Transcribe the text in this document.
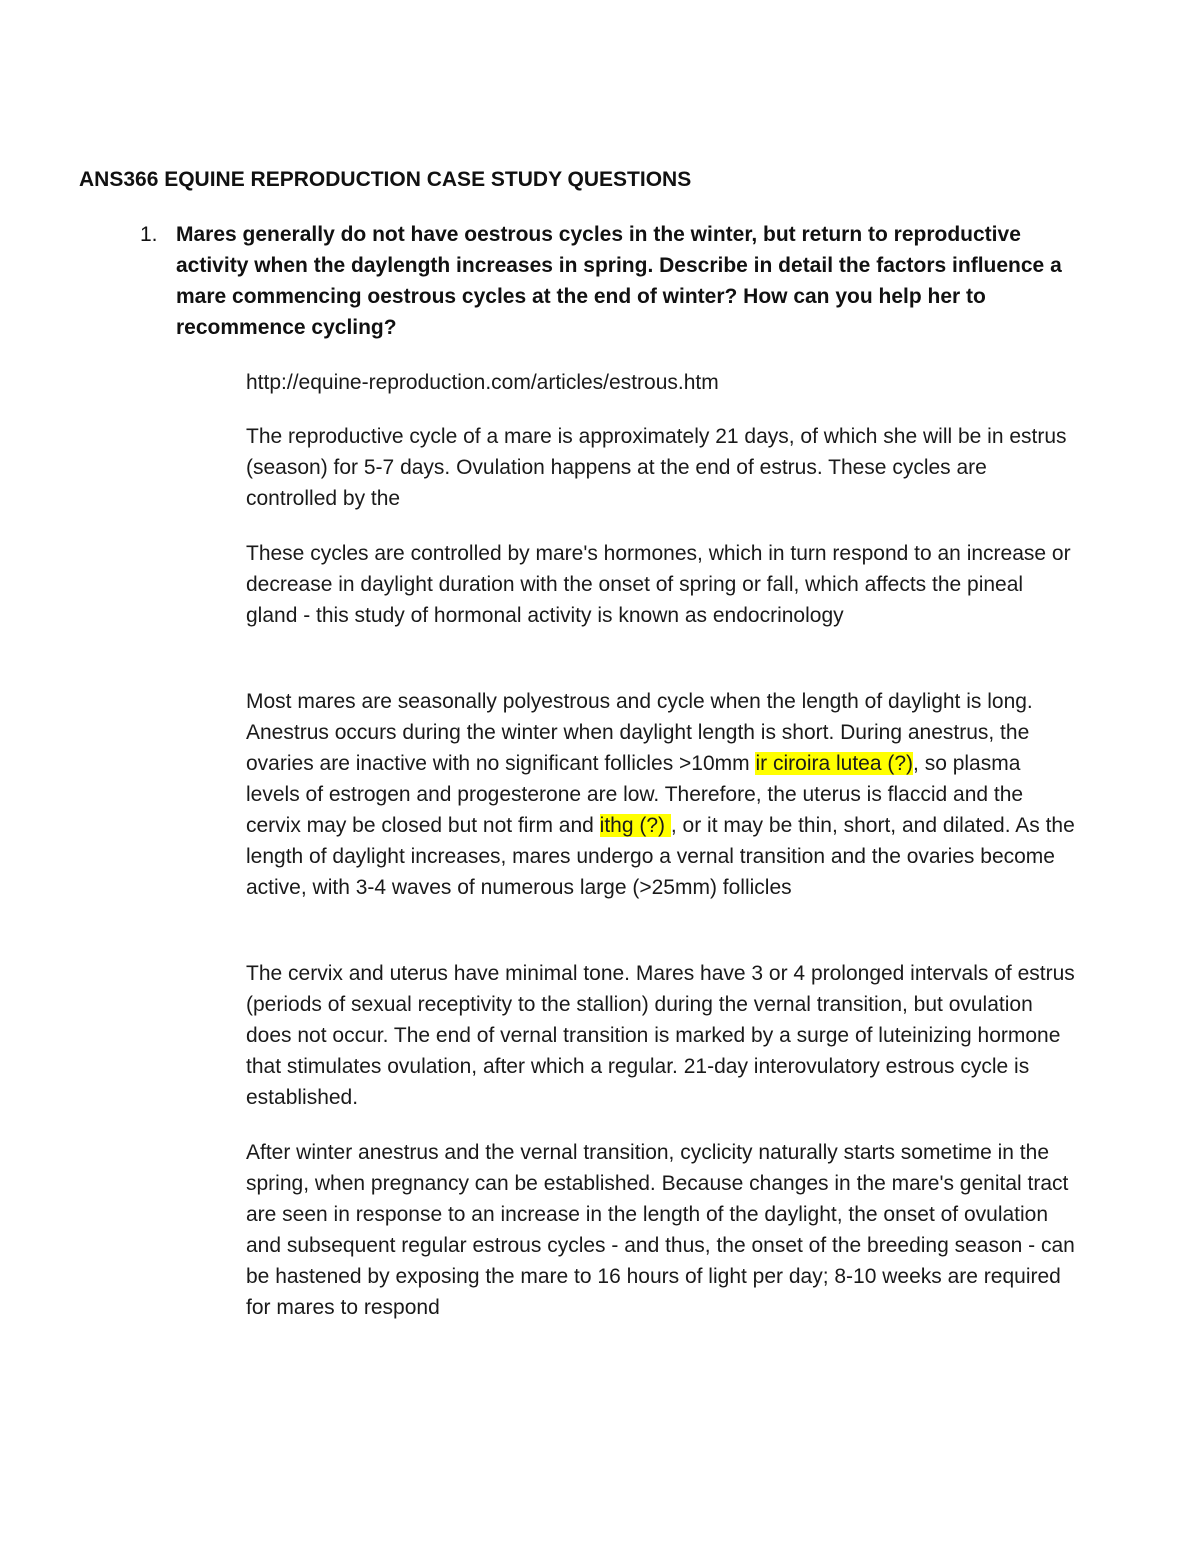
ANS366 EQUINE REPRODUCTION CASE STUDY QUESTIONS
1. Mares generally do not have oestrous cycles in the winter, but return to reproductive activity when the daylength increases in spring. Describe in detail the factors influence a mare commencing oestrous cycles at the end of winter? How can you help her to recommence cycling?

http://equine-reproduction.com/articles/estrous.htm

The reproductive cycle of a mare is approximately 21 days, of which she will be in estrus (season) for 5-7 days. Ovulation happens at the end of estrus. These cycles are controlled by the

These cycles are controlled by mare's hormones, which in turn respond to an increase or decrease in daylight duration with the onset of spring or fall, which affects the pineal gland - this study of hormonal activity is known as endocrinology

Most mares are seasonally polyestrous and cycle when the length of daylight is long. Anestrus occurs during the winter when daylight length is short. During anestrus, the ovaries are inactive with no significant follicles >10mm ir ciroira lutea (?), so plasma levels of estrogen and progesterone are low. Therefore, the uterus is flaccid and the cervix may be closed but not firm and ithg (?) , or it may be thin, short, and dilated. As the length of daylight increases, mares undergo a vernal transition and the ovaries become active, with 3-4 waves of numerous large (>25mm) follicles

The cervix and uterus have minimal tone. Mares have 3 or 4 prolonged intervals of estrus (periods of sexual receptivity to the stallion) during the vernal transition, but ovulation does not occur. The end of vernal transition is marked by a surge of luteinizing hormone that stimulates ovulation, after which a regular. 21-day interovulatory estrous cycle is established.

After winter anestrus and the vernal transition, cyclicity naturally starts sometime in the spring, when pregnancy can be established. Because changes in the mare's genital tract are seen in response to an increase in the length of the daylight, the onset of ovulation and subsequent regular estrous cycles - and thus, the onset of the breeding season - can be hastened by exposing the mare to 16 hours of light per day; 8-10 weeks are required for mares to respond
